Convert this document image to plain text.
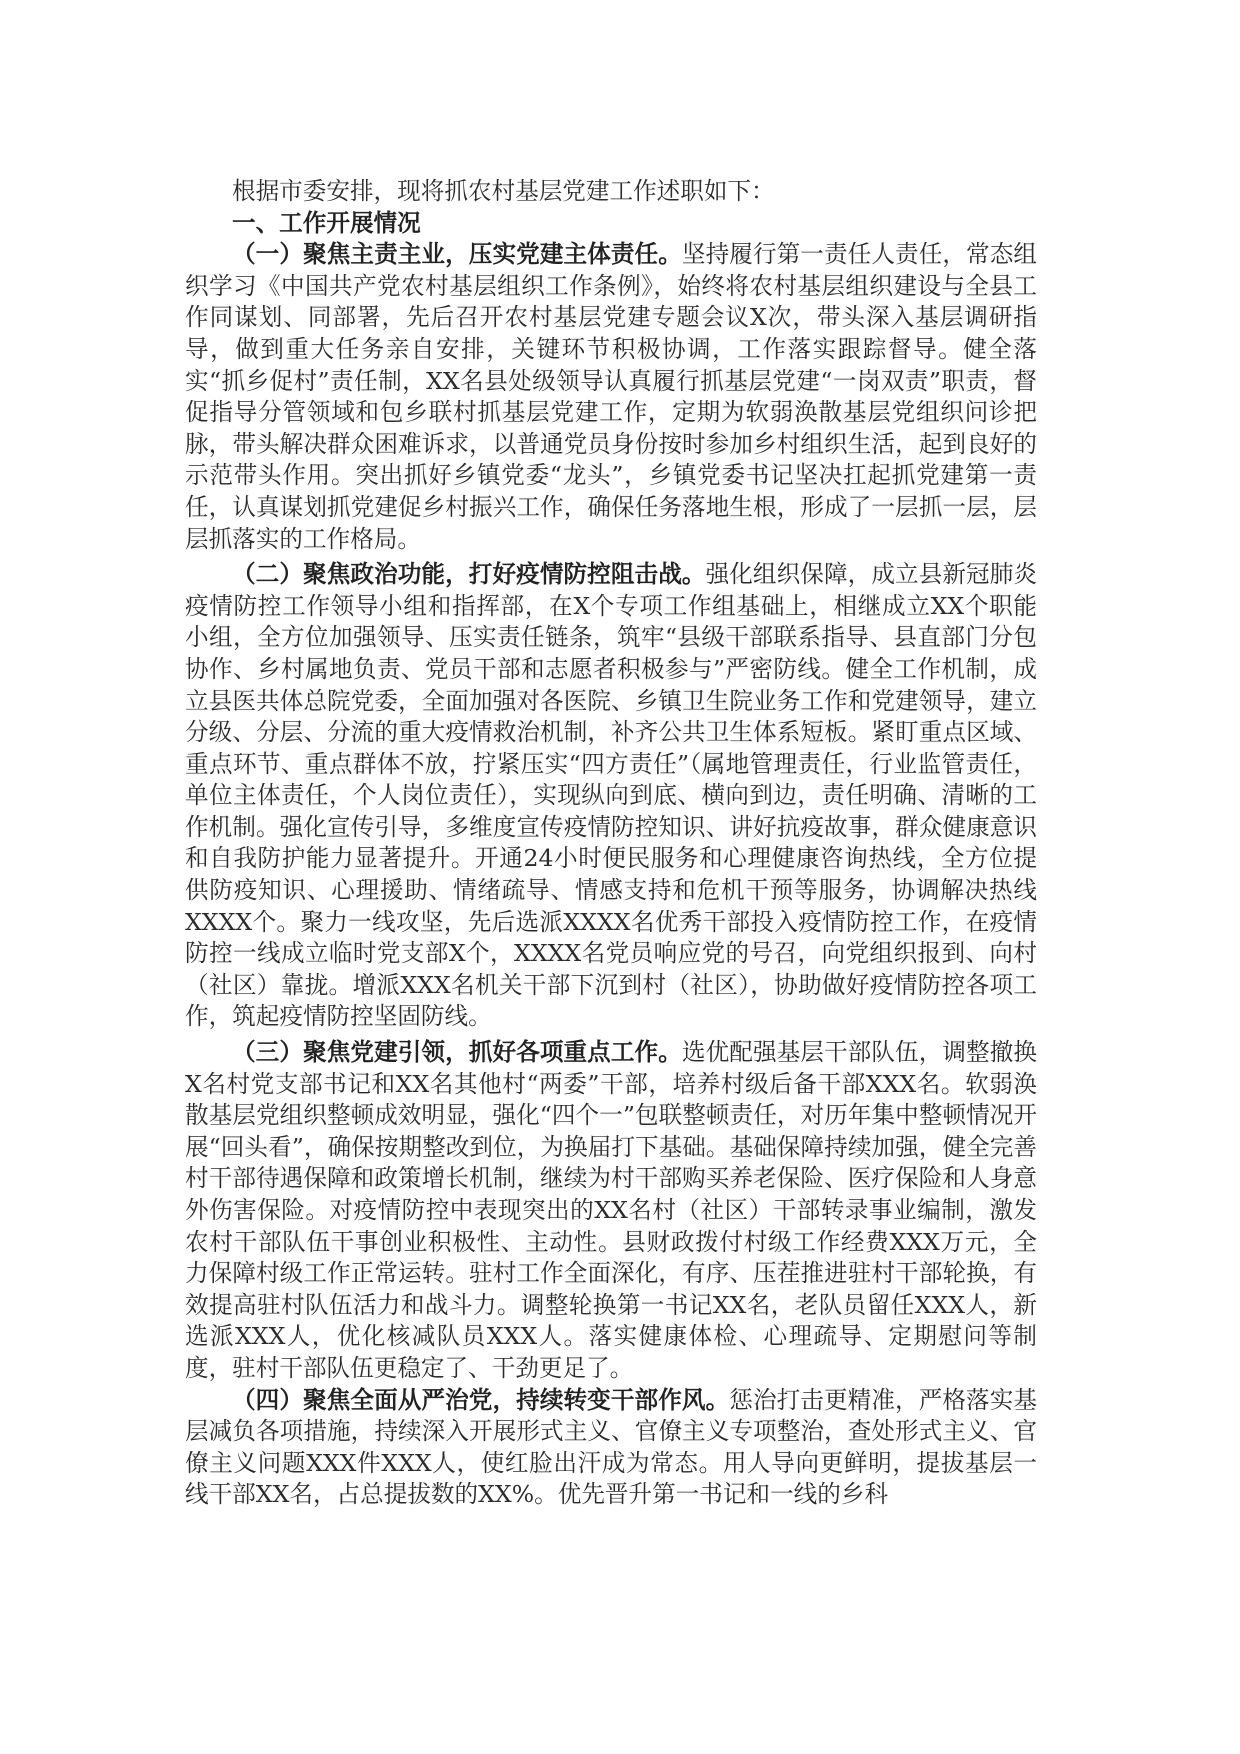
根据市委安排，现将抓农村基层党建工作述职如下：

一、工作开展情况

（一）聚焦主责主业，压实党建主体责任。坚持履行第一责任人责任，常态组织学习《中国共产党农村基层组织工作条例》，始终将农村基层组织建设与全县工作同谋划、同部署，先后召开农村基层党建专题会议X次，带头深入基层调研指导，做到重大任务亲自安排，关键环节积极协调，工作落实跟踪督导。健全落实“抓乡促村”责任制，XX名县处级领导认真履行抓基层党建“一岗双责”职责，督促指导分管领域和包乡联村抓基层党建工作，定期为软弱涣散基层党组织问诊把脉，带头解决群众困难诉求，以普通党员身份按时参加乡村组织生活，起到良好的示范带头作用。突出抓好乡镇党委“龙头”，乡镇党委书记坚决扛起抓党建第一责任，认真谋划抓党建促乡村振兴工作，确保任务落地生根，形成了一层抓一层，层层抓落实的工作格局。

（二）聚焦政治功能，打好疫情防控阻击战。强化组织保障，成立县新冠肺炎疫情防控工作领导小组和指挥部，在X个专项工作组基础上，相继成立XX个职能小组，全方位加强领导、压实责任链条，筑牢“县级干部联系指导、县直部门分包协作、乡村属地负责、党员干部和志愿者积极参与”严密防线。健全工作机制，成立县医共体总院党委，全面加强对各医院、乡镇卫生院业务工作和党建领导，建立分级、分层、分流的重大疫情救治机制，补齐公共卫生体系短板。紧盯重点区域、重点环节、重点群体不放，拧紧压实“四方责任”（属地管理责任，行业监管责任，单位主体责任，个人岗位责任），实现纵向到底、横向到边，责任明确、清晰的工作机制。强化宣传引导，多维度宣传疫情防控知识、讲好抗疫故事，群众健康意识和自我防护能力显著提升。开通24小时便民服务和心理健康咨询热线，全方位提供防疫知识、心理援助、情绪疏导、情感支持和危机干预等服务，协调解决热线XXXX个。聚力一线攻坚，先后选派XXXX名优秀干部投入疫情防控工作，在疫情防控一线成立临时党支部X个，XXXX名党员响应党的号召，向党组织报到、向村（社区）靠拢。增派XXX名机关干部下沉到村（社区），协助做好疫情防控各项工作，筑起疫情防控坚固防线。

（三）聚焦党建引领，抓好各项重点工作。选优配强基层干部队伍，调整撤换X名村党支部书记和XX名其他村“两委”干部，培养村级后备干部XXX名。软弱涣散基层党组织整顿成效明显，强化“四个一”包联整顿责任，对历年集中整顿情况开展“回头看”，确保按期整改到位，为换届打下基础。基础保障持续加强，健全完善村干部待遇保障和政策增长机制，继续为村干部购买养老保险、医疗保险和人身意外伤害保险。对疫情防控中表现突出的XX名村（社区）干部转录事业编制，激发农村干部队伍干事创业积极性、主动性。县财政拨付村级工作经费XXX万元，全力保障村级工作正常运转。驻村工作全面深化，有序、压茬推进驻村干部轮换，有效提高驻村队伍活力和战斗力。调整轮换第一书记XX名，老队员留任XXX人，新选派XXX人，优化核减队员XXX人。落实健康体检、心理疏导、定期慰问等制度，驻村干部队伍更稳定了、干劲更足了。

（四）聚焦全面从严治党，持续转变干部作风。惩治打击更精准，严格落实基层减负各项措施，持续深入开展形式主义、官僚主义专项整治，查处形式主义、官僚主义问题XXX件XXX人，使红脸出汗成为常态。用人导向更鲜明，提拔基层一线干部XX名，占总提拔数的XX%。优先晋升第一书记和一线的乡科
